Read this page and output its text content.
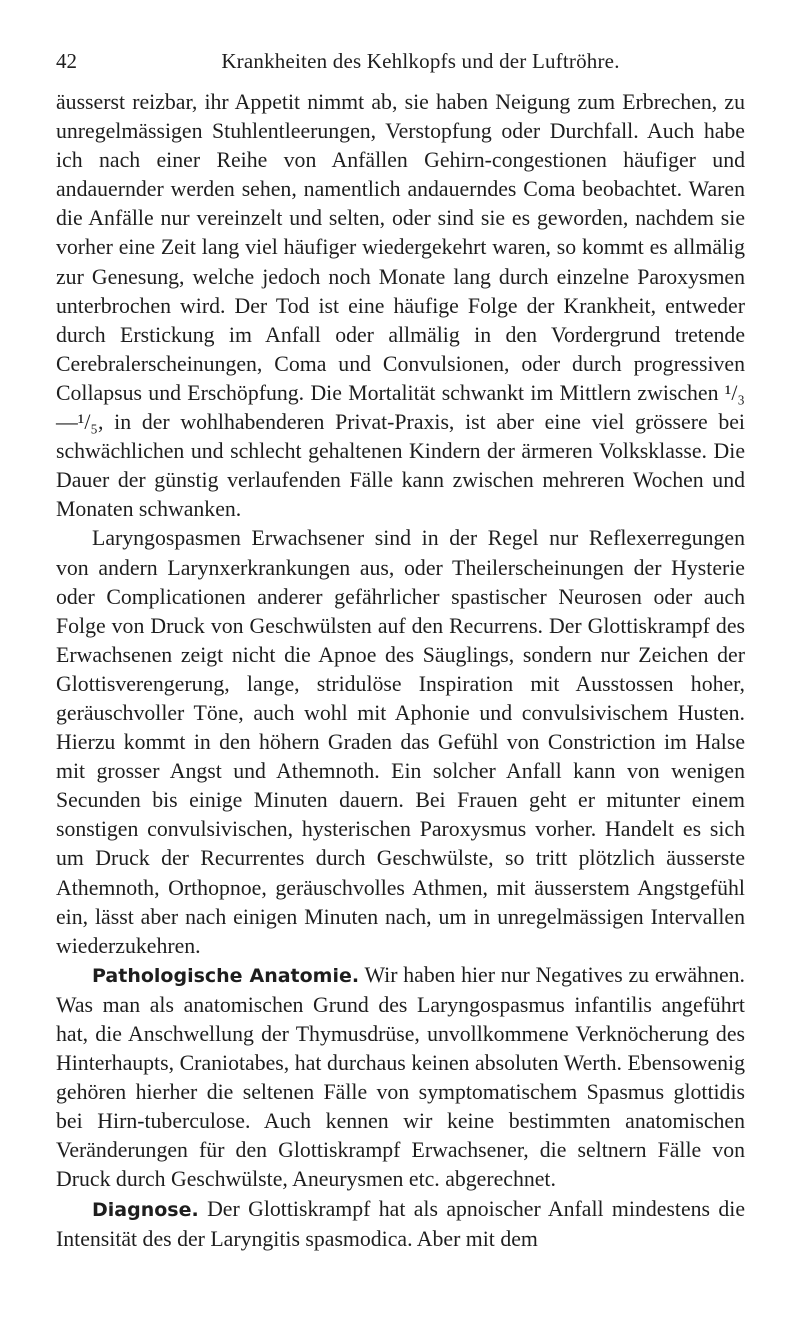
42	Krankheiten des Kehlkopfs und der Luftröhre.

äusserst reizbar, ihr Appetit nimmt ab, sie haben Neigung zum Erbrechen, zu unregelmässigen Stuhlentleerungen, Verstopfung oder Durchfall. Auch habe ich nach einer Reihe von Anfällen Gehirn-congestionen häufiger und andauernder werden sehen, namentlich andauerndes Coma beobachtet. Waren die Anfälle nur vereinzelt und selten, oder sind sie es geworden, nachdem sie vorher eine Zeit lang viel häufiger wiedergekehrt waren, so kommt es allmälig zur Genesung, welche jedoch noch Monate lang durch einzelne Paroxysmen unterbrochen wird. Der Tod ist eine häufige Folge der Krankheit, entweder durch Erstickung im Anfall oder allmälig in den Vordergrund tretende Cerebralerscheinungen, Coma und Convulsionen, oder durch progressiven Collapsus und Erschöpfung. Die Mortalität schwankt im Mittlern zwischen ¹/₃—¹/₅, in der wohlhabenderen Privat-Praxis, ist aber eine viel grössere bei schwächlichen und schlecht gehaltenen Kindern der ärmeren Volksklasse. Die Dauer der günstig verlaufenden Fälle kann zwischen mehreren Wochen und Monaten schwanken.

Laryngospasmen Erwachsener sind in der Regel nur Reflexerregungen von andern Larynxerkrankungen aus, oder Theilerscheinungen der Hysterie oder Complicationen anderer gefährlicher spastischer Neurosen oder auch Folge von Druck von Geschwülsten auf den Recurrens. Der Glottiskrampf des Erwachsenen zeigt nicht die Apnoe des Säuglings, sondern nur Zeichen der Glottisverengerung, lange, stridulöse Inspiration mit Ausstossen hoher, geräuschvoller Töne, auch wohl mit Aphonie und convulsivischem Husten. Hierzu kommt in den höhern Graden das Gefühl von Constriction im Halse mit grosser Angst und Athemnoth. Ein solcher Anfall kann von wenigen Secunden bis einige Minuten dauern. Bei Frauen geht er mitunter einem sonstigen convulsivischen, hysterischen Paroxysmus vorher. Handelt es sich um Druck der Recurrentes durch Geschwülste, so tritt plötzlich äusserste Athemnoth, Orthopnoe, geräuschvolles Athmen, mit äusserstem Angstgefühl ein, lässt aber nach einigen Minuten nach, um in unregelmässigen Intervallen wiederzukehren.

Pathologische Anatomie. Wir haben hier nur Negatives zu erwähnen. Was man als anatomischen Grund des Laryngospasmus infantilis angeführt hat, die Anschwellung der Thymusdrüse, unvollkommene Verknöcherung des Hinterhaupts, Craniotabes, hat durchaus keinen absoluten Werth. Ebensowenig gehören hierher die seltenen Fälle von symptomatischem Spasmus glottidis bei Hirn-tuberculose. Auch kennen wir keine bestimmten anatomischen Veränderungen für den Glottiskrampf Erwachsener, die seltnern Fälle von Druck durch Geschwülste, Aneurysmen etc. abgerechnet.

Diagnose. Der Glottiskrampf hat als apnoischer Anfall mindestens die Intensität des der Laryngitis spasmodica. Aber mit dem
